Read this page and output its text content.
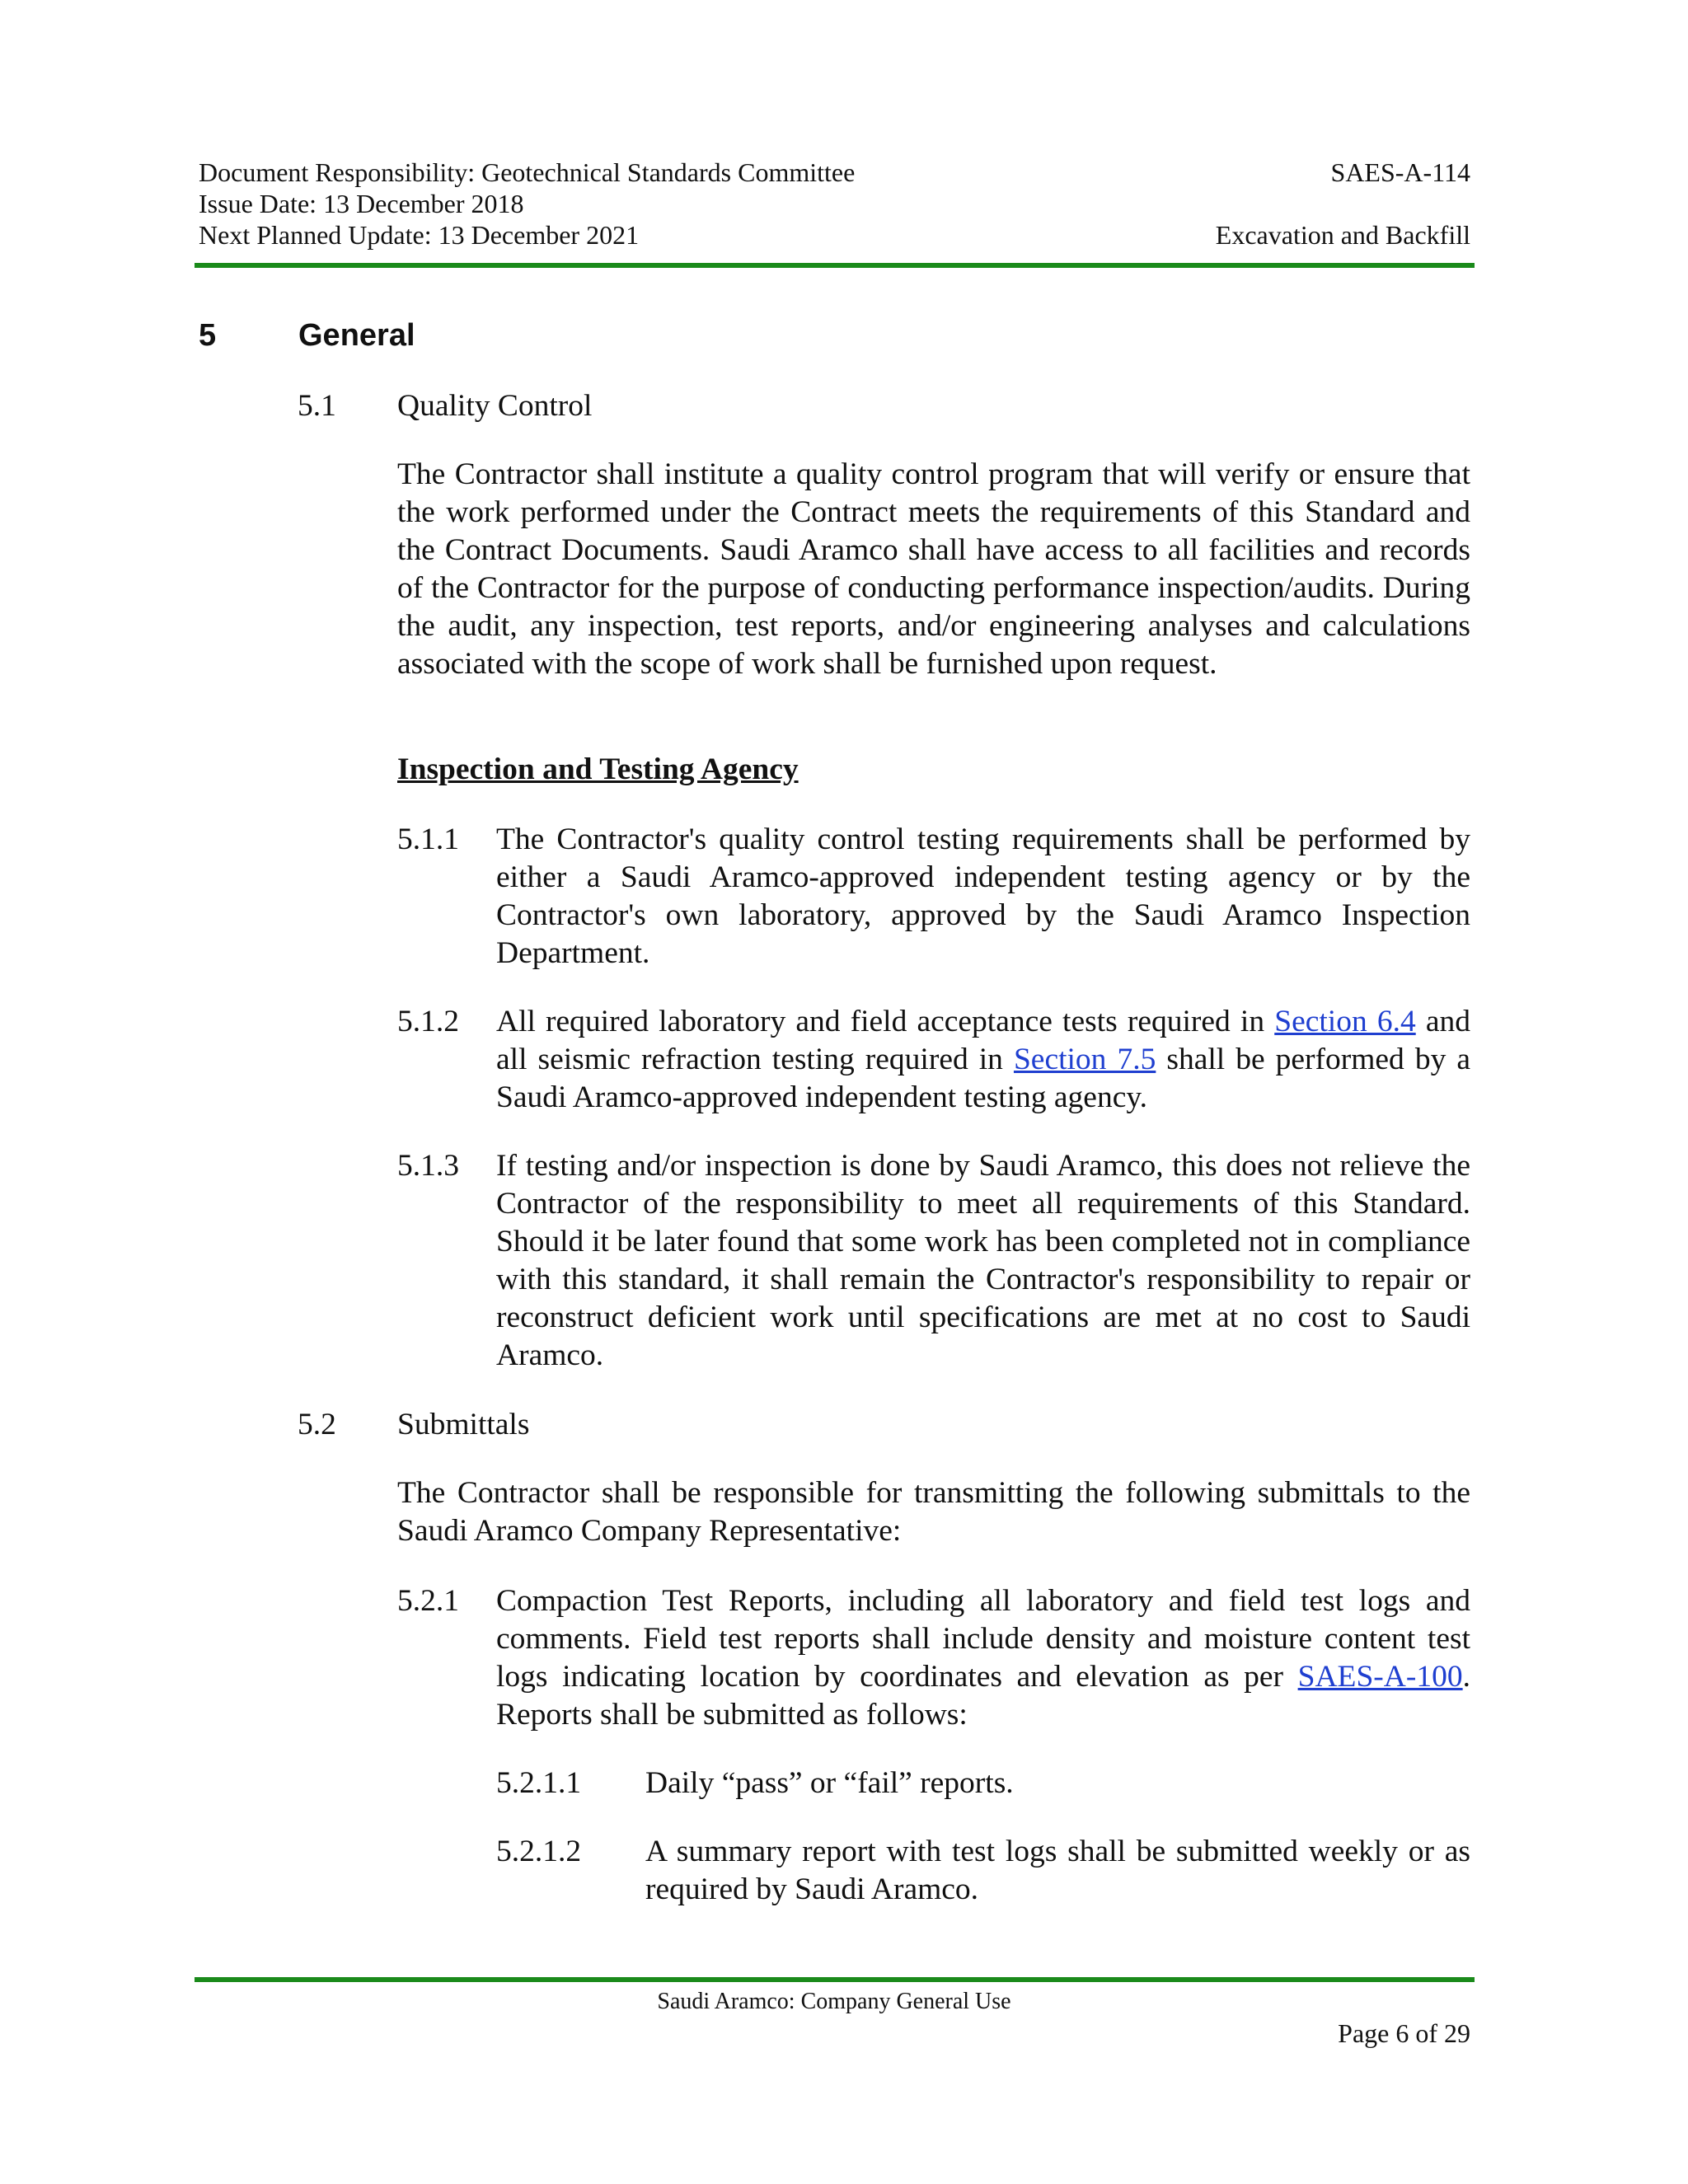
Document Responsibility: Geotechnical Standards Committee	SAES-A-114
Issue Date: 13 December 2018
Next Planned Update: 13 December 2021	Excavation and Backfill
5	General
5.1 Quality Control
The Contractor shall institute a quality control program that will verify or ensure that the work performed under the Contract meets the requirements of this Standard and the Contract Documents. Saudi Aramco shall have access to all facilities and records of the Contractor for the purpose of conducting performance inspection/audits. During the audit, any inspection, test reports, and/or engineering analyses and calculations associated with the scope of work shall be furnished upon request.
Inspection and Testing Agency
5.1.1 The Contractor's quality control testing requirements shall be performed by either a Saudi Aramco-approved independent testing agency or by the Contractor's own laboratory, approved by the Saudi Aramco Inspection Department.
5.1.2 All required laboratory and field acceptance tests required in Section 6.4 and all seismic refraction testing required in Section 7.5 shall be performed by a Saudi Aramco-approved independent testing agency.
5.1.3 If testing and/or inspection is done by Saudi Aramco, this does not relieve the Contractor of the responsibility to meet all requirements of this Standard. Should it be later found that some work has been completed not in compliance with this standard, it shall remain the Contractor's responsibility to repair or reconstruct deficient work until specifications are met at no cost to Saudi Aramco.
5.2 Submittals
The Contractor shall be responsible for transmitting the following submittals to the Saudi Aramco Company Representative:
5.2.1 Compaction Test Reports, including all laboratory and field test logs and comments. Field test reports shall include density and moisture content test logs indicating location by coordinates and elevation as per SAES-A-100. Reports shall be submitted as follows:
5.2.1.1 Daily “pass” or “fail” reports.
5.2.1.2 A summary report with test logs shall be submitted weekly or as required by Saudi Aramco.
Saudi Aramco: Company General Use
Page 6 of 29
